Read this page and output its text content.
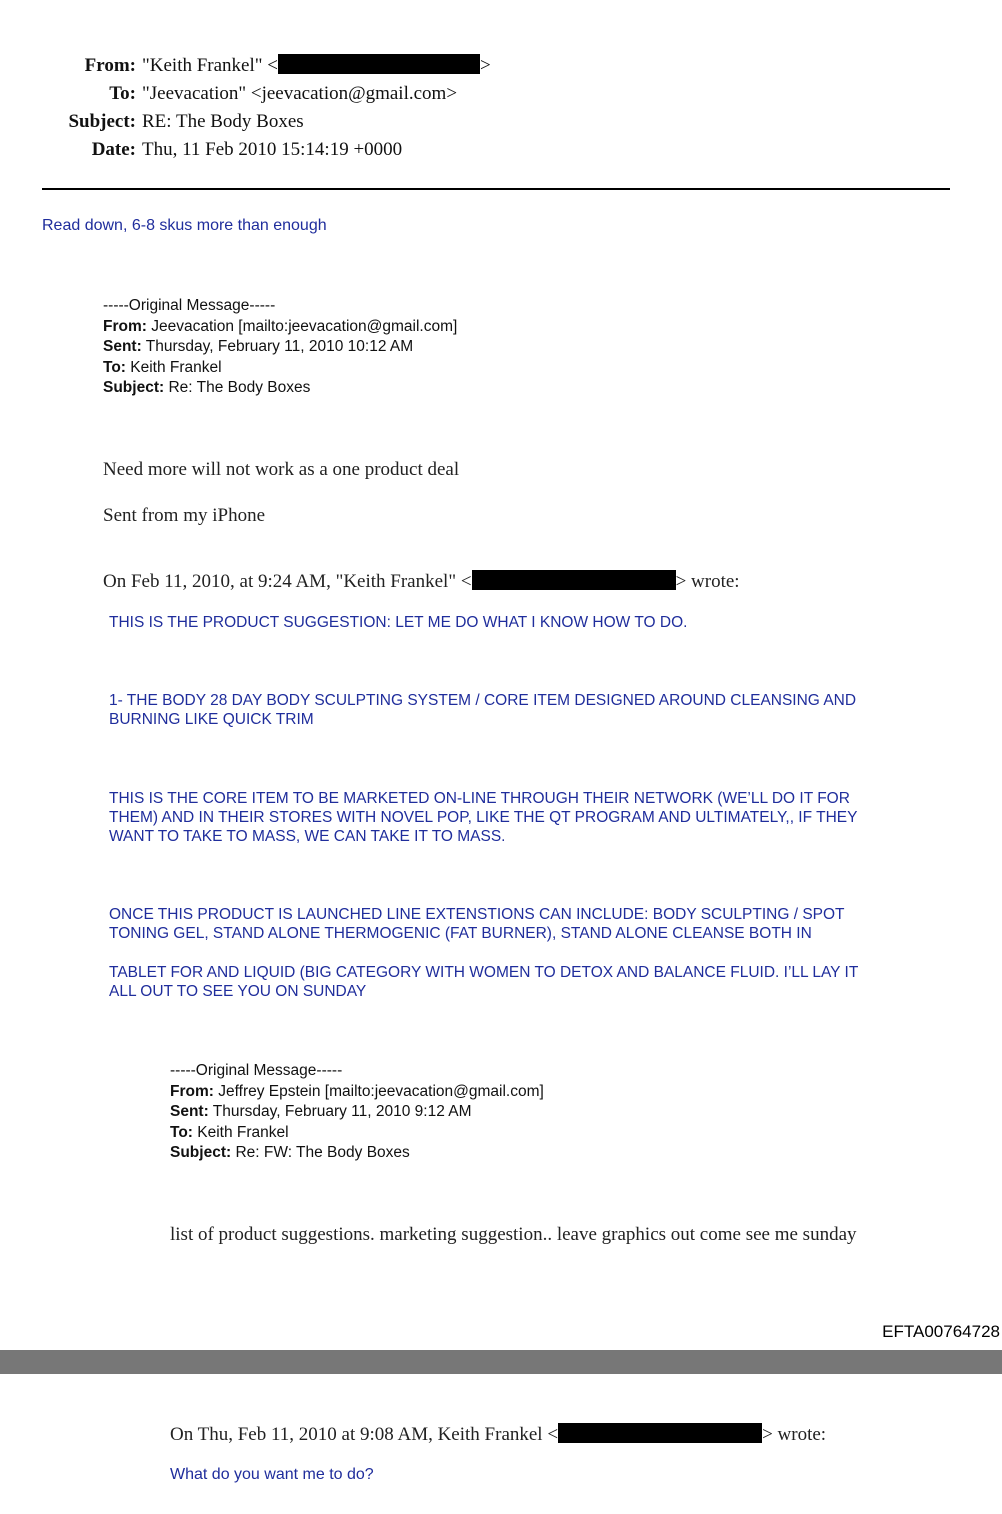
From: "Keith Frankel" <	>
To: "Jeevacation" <jeevacation@gmail.com>
Subject: RE: The Body Boxes
Date: Thu, 11 Feb 2010 15:14:19 +0000
Read down, 6-8 skus more than enough
-----Original Message-----
From: Jeevacation [mailto:jeevacation@gmail.com]
Sent: Thursday, February 11, 2010 10:12 AM
To: Keith Frankel
Subject: Re: The Body Boxes
Need more will not work as a one product deal
Sent from my iPhone
On Feb 11, 2010, at 9:24 AM, "Keith Frankel" <	> wrote:
THIS IS THE PRODUCT SUGGESTION: LET ME DO WHAT I KNOW HOW TO DO.
1- THE BODY 28 DAY BODY SCULPTING SYSTEM / CORE ITEM DESIGNED AROUND CLEANSING AND
BURNING LIKE QUICK TRIM
THIS IS THE CORE ITEM TO BE MARKETED ON-LINE THROUGH THEIR NETWORK (WE’LL DO IT FOR
THEM) AND IN THEIR STORES WITH NOVEL POP, LIKE THE QT PROGRAM AND ULTIMATELY,, IF THEY
WANT TO TAKE TO MASS, WE CAN TAKE IT TO MASS.
ONCE THIS PRODUCT IS LAUNCHED LINE EXTENSTIONS CAN INCLUDE: BODY SCULPTING / SPOT
TONING GEL, STAND ALONE THERMOGENIC (FAT BURNER), STAND ALONE CLEANSE BOTH IN
TABLET FOR AND LIQUID (BIG CATEGORY WITH WOMEN TO DETOX AND BALANCE FLUID. I’LL LAY IT
ALL OUT TO SEE YOU ON SUNDAY
-----Original Message-----
From: Jeffrey Epstein [mailto:jeevacation@gmail.com]
Sent: Thursday, February 11, 2010 9:12 AM
To: Keith Frankel
Subject: Re: FW: The Body Boxes
list of product suggestions. marketing suggestion.. leave graphics out come see me sunday
EFTA00764728
On Thu, Feb 11, 2010 at 9:08 AM, Keith Frankel <	> wrote:
What do you want me to do?
